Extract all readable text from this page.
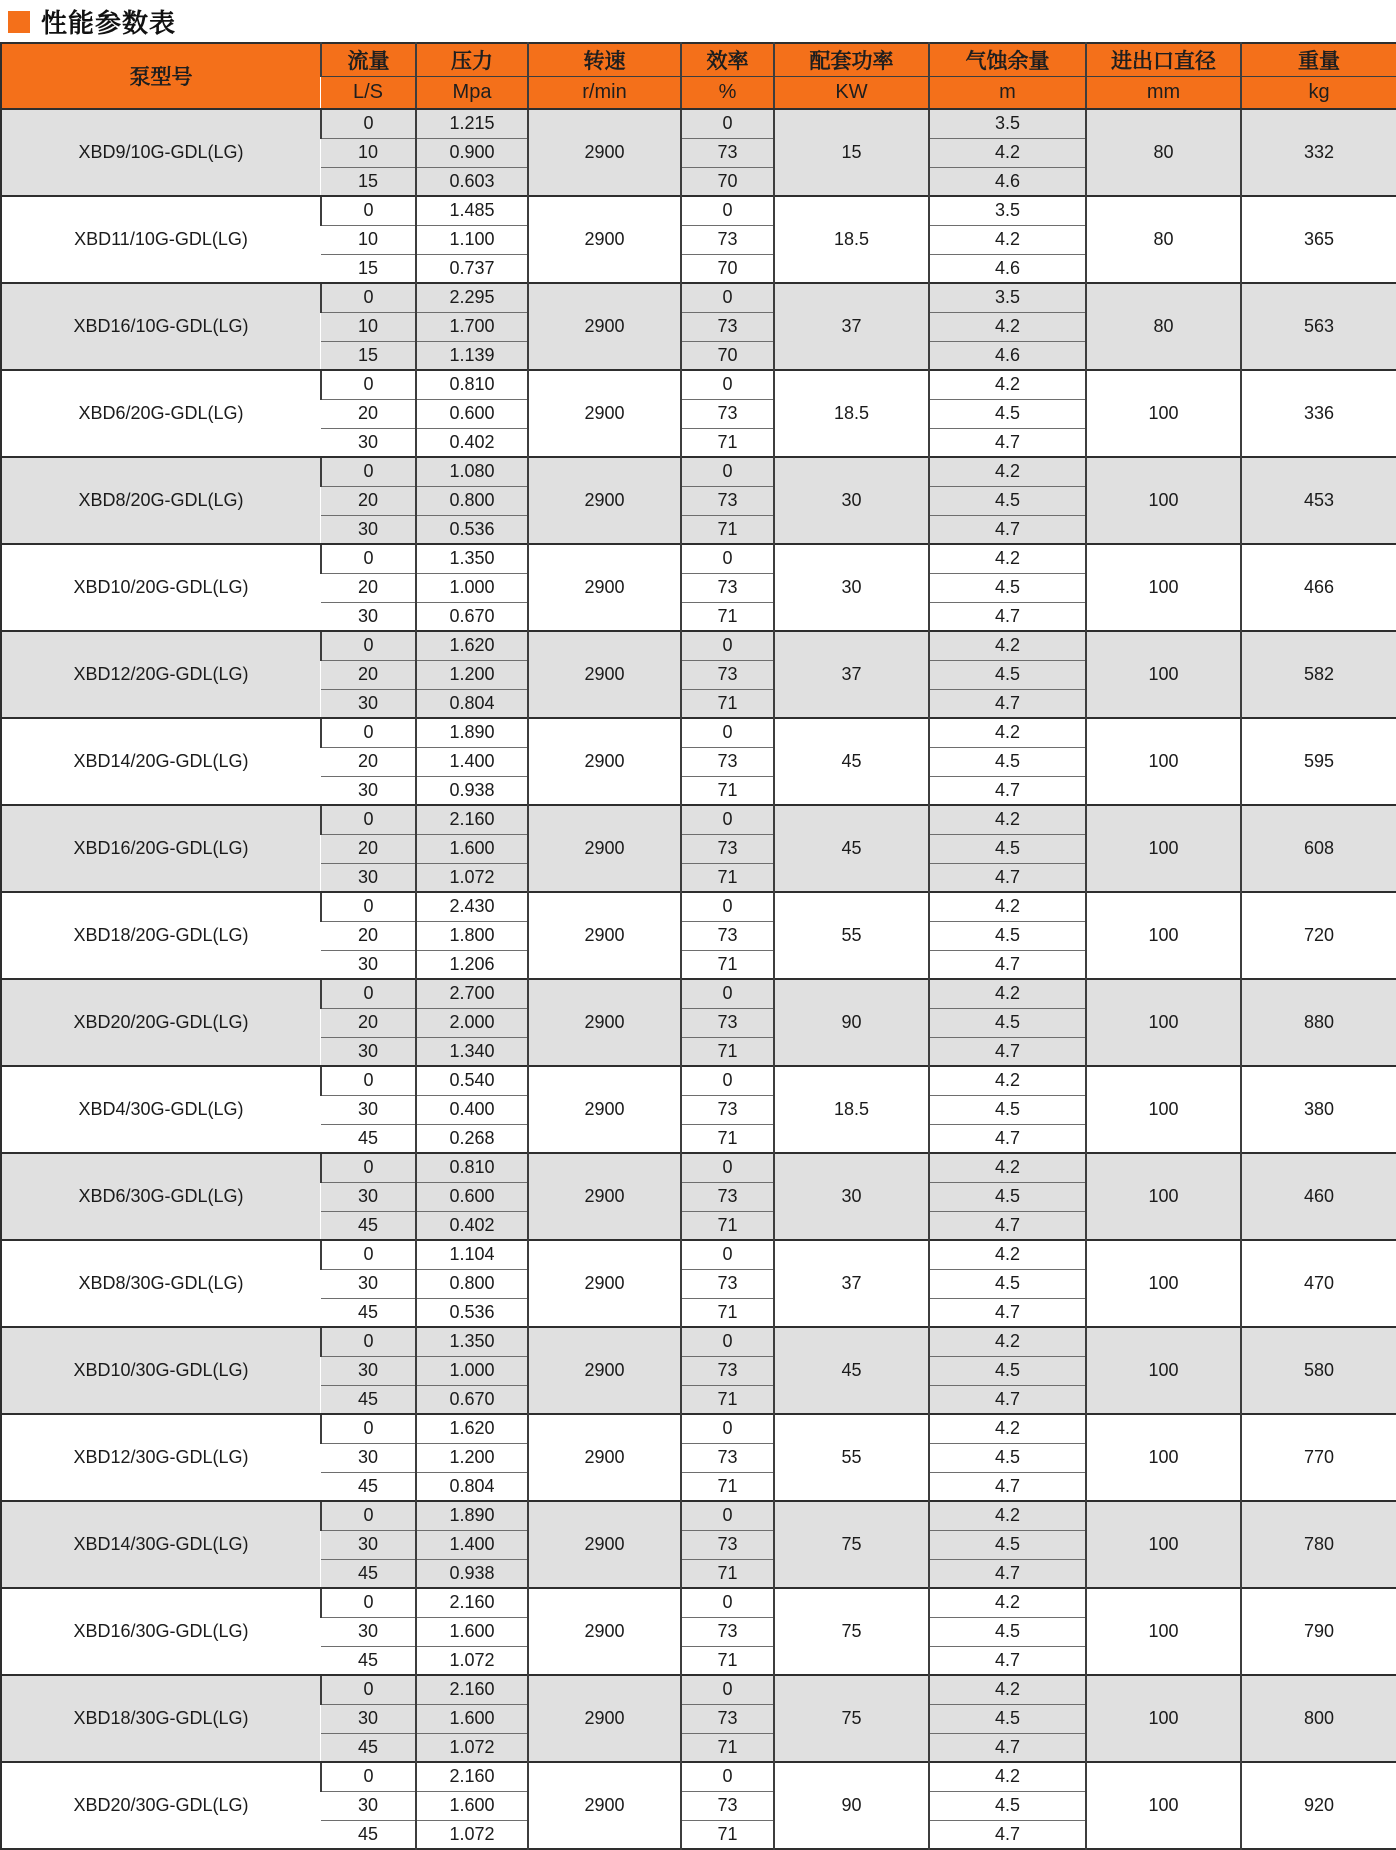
性能参数表
泵型号	流量	压力	转速	效率	配套功率	气蚀余量	进出口直径	重量
	L/S	Mpa	r/min	%	KW	m	mm	kg
XBD9/10G-GDL(LG)	0	1.215	2900	0	15	3.5	80	332
	10	0.900		73		4.2		
	15	0.603		70		4.6		
XBD11/10G-GDL(LG)	0	1.485	2900	0	18.5	3.5	80	365
	10	1.100		73		4.2		
	15	0.737		70		4.6		
XBD16/10G-GDL(LG)	0	2.295	2900	0	37	3.5	80	563
	10	1.700		73		4.2		
	15	1.139		70		4.6		
XBD6/20G-GDL(LG)	0	0.810	2900	0	18.5	4.2	100	336
	20	0.600		73		4.5		
	30	0.402		71		4.7		
XBD8/20G-GDL(LG)	0	1.080	2900	0	30	4.2	100	453
	20	0.800		73		4.5		
	30	0.536		71		4.7		
XBD10/20G-GDL(LG)	0	1.350	2900	0	30	4.2	100	466
	20	1.000		73		4.5		
	30	0.670		71		4.7		
XBD12/20G-GDL(LG)	0	1.620	2900	0	37	4.2	100	582
	20	1.200		73		4.5		
	30	0.804		71		4.7		
XBD14/20G-GDL(LG)	0	1.890	2900	0	45	4.2	100	595
	20	1.400		73		4.5		
	30	0.938		71		4.7		
XBD16/20G-GDL(LG)	0	2.160	2900	0	45	4.2	100	608
	20	1.600		73		4.5		
	30	1.072		71		4.7		
XBD18/20G-GDL(LG)	0	2.430	2900	0	55	4.2	100	720
	20	1.800		73		4.5		
	30	1.206		71		4.7		
XBD20/20G-GDL(LG)	0	2.700	2900	0	90	4.2	100	880
	20	2.000		73		4.5		
	30	1.340		71		4.7		
XBD4/30G-GDL(LG)	0	0.540	2900	0	18.5	4.2	100	380
	30	0.400		73		4.5		
	45	0.268		71		4.7		
XBD6/30G-GDL(LG)	0	0.810	2900	0	30	4.2	100	460
	30	0.600		73		4.5		
	45	0.402		71		4.7		
XBD8/30G-GDL(LG)	0	1.104	2900	0	37	4.2	100	470
	30	0.800		73		4.5		
	45	0.536		71		4.7		
XBD10/30G-GDL(LG)	0	1.350	2900	0	45	4.2	100	580
	30	1.000		73		4.5		
	45	0.670		71		4.7		
XBD12/30G-GDL(LG)	0	1.620	2900	0	55	4.2	100	770
	30	1.200		73		4.5		
	45	0.804		71		4.7		
XBD14/30G-GDL(LG)	0	1.890	2900	0	75	4.2	100	780
	30	1.400		73		4.5		
	45	0.938		71		4.7		
XBD16/30G-GDL(LG)	0	2.160	2900	0	75	4.2	100	790
	30	1.600		73		4.5		
	45	1.072		71		4.7		
XBD18/30G-GDL(LG)	0	2.160	2900	0	75	4.2	100	800
	30	1.600		73		4.5		
	45	1.072		71		4.7		
XBD20/30G-GDL(LG)	0	2.160	2900	0	90	4.2	100	920
	30	1.600		73		4.5		
	45	1.072		71		4.7		
